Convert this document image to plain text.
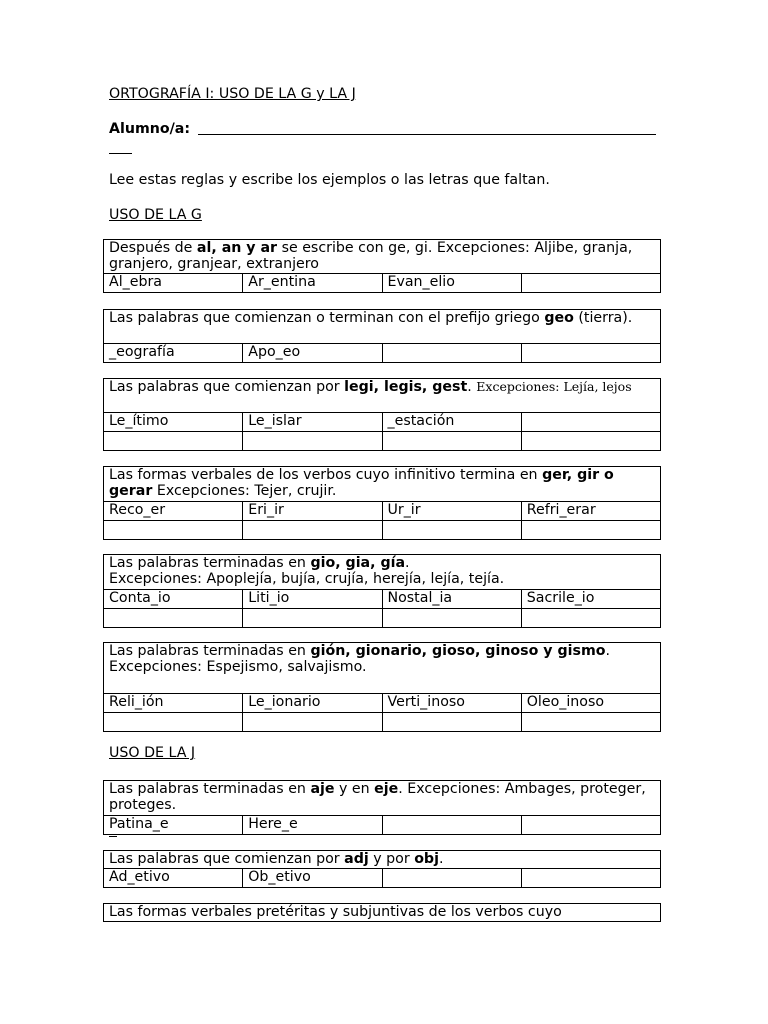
ORTOGRAFÍA I: USO DE LA G y LA J
Alumno/a:
Lee estas reglas y escribe los ejemplos o las letras que faltan.
USO DE LA G
Después de al, an y ar se escribe con ge, gi. Excepciones: Aljibe, granja, granjero, granjear, extranjero
Al_ebra	Ar_entina	Evan_elio
Las palabras que comienzan o terminan con el prefijo griego geo (tierra).
_eografía	Apo_eo
Las palabras que comienzan por legi, legis, gest. Excepciones: Lejía, lejos
Le_ítimo	Le_islar	_estación
Las formas verbales de los verbos cuyo infinitivo termina en ger, gir o gerar Excepciones: Tejer, crujir.
Reco_er	Eri_ir	Ur_ir	Refri_erar
Las palabras terminadas en gio, gia, gía.
Excepciones: Apoplejía, bujía, crujía, herejía, lejía, tejía.
Conta_io	Liti_io	Nostal_ia	Sacrile_io
Las palabras terminadas en gión, gionario, gioso, ginoso y gismo.
Excepciones: Espejismo, salvajismo.
Reli_ión	Le_ionario	Verti_inoso	Oleo_inoso
USO DE LA J
Las palabras terminadas en aje y en eje. Excepciones: Ambages, proteger, proteges.
Patina_e	Here_e
Las palabras que comienzan por adj y por obj.
Ad_etivo	Ob_etivo
Las formas verbales pretéritas y subjuntivas de los verbos cuyo
